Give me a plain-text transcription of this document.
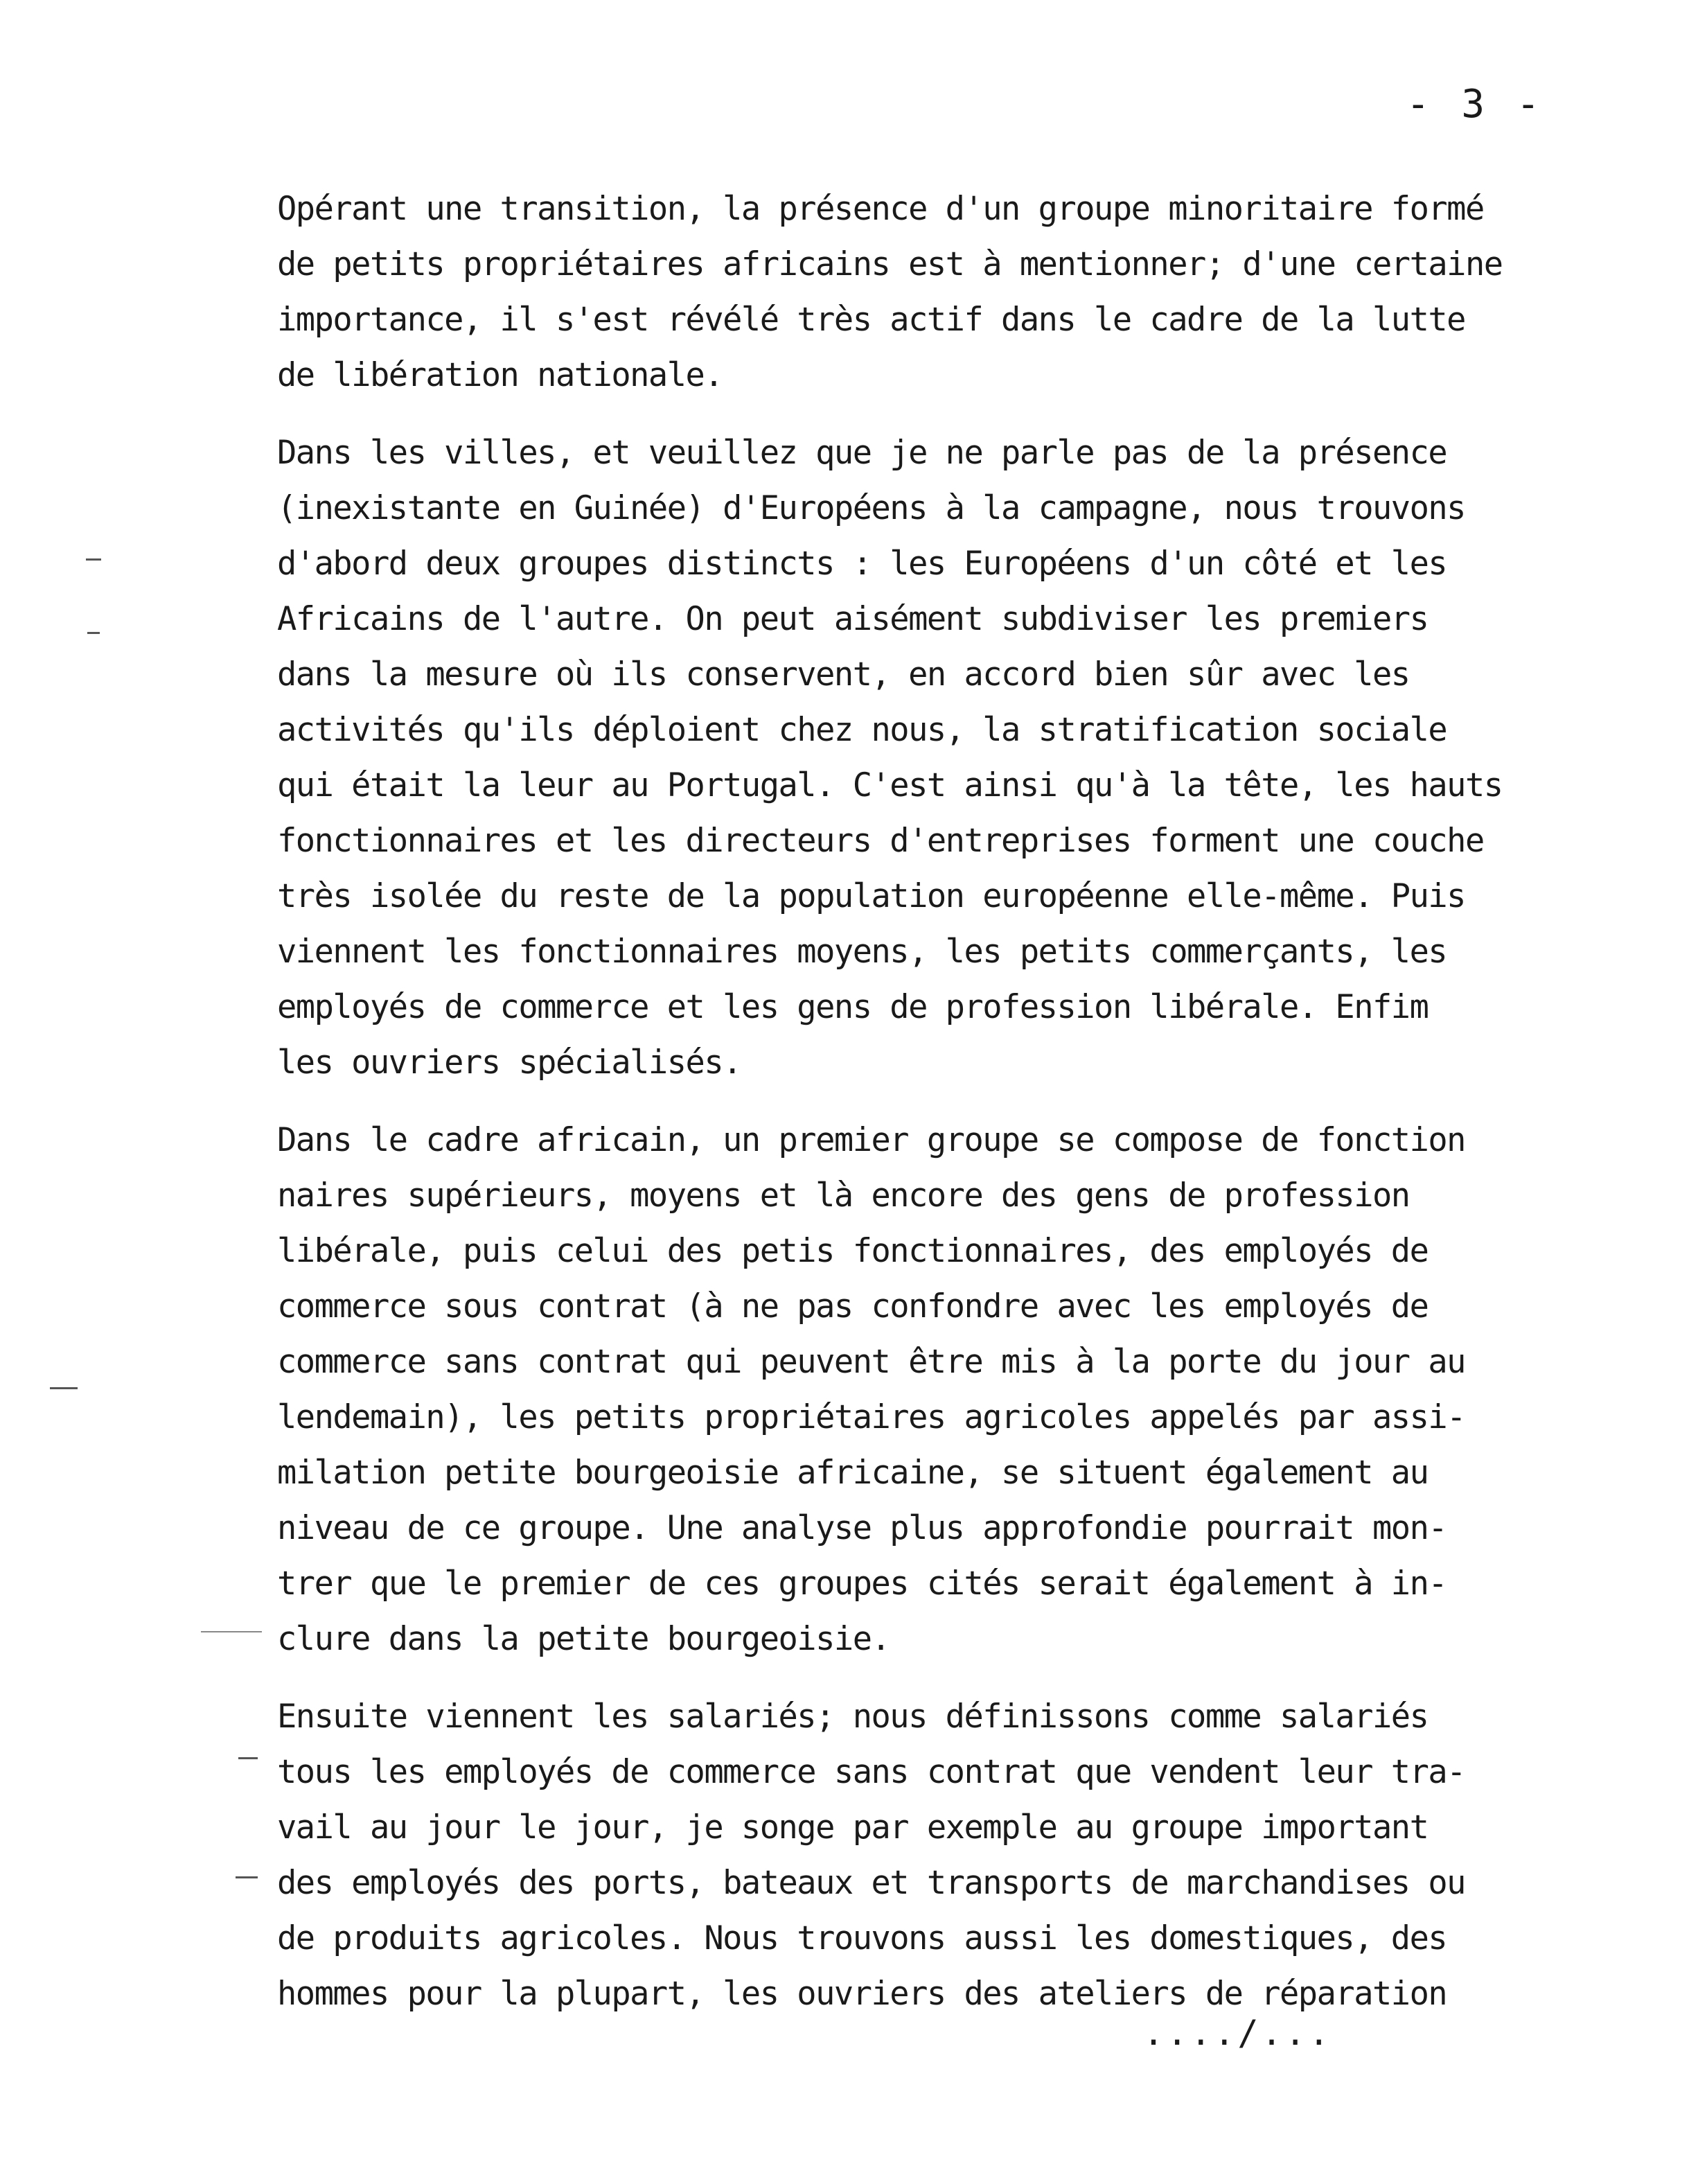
- 3 -
Opérant une transition, la présence d'un groupe minoritaire formé
de petits propriétaires africains est à mentionner; d'une certaine
importance, il s'est révélé très actif dans le cadre de la lutte
de libération nationale.
Dans les villes, et veuillez que je ne parle pas de la présence
(inexistante en Guinée) d'Européens à la campagne, nous trouvons
d'abord deux groupes distincts : les Européens d'un côté et les
Africains de l'autre. On peut aisément subdiviser les premiers
dans la mesure où ils conservent, en accord bien sûr avec les
activités qu'ils déploient chez nous, la stratification sociale
qui était la leur au Portugal. C'est ainsi qu'à la tête, les hauts
fonctionnaires et les directeurs d'entreprises forment une couche
très isolée du reste de la population européenne elle-même. Puis
viennent les fonctionnaires moyens, les petits commerçants, les
employés de commerce et les gens de profession libérale. Enfim
les ouvriers spécialisés.
Dans le cadre africain, un premier groupe se compose de fonction
naires supérieurs, moyens et là encore des gens de profession
libérale, puis celui des petis fonctionnaires, des employés de
commerce sous contrat (à ne pas confondre avec les employés de
commerce sans contrat qui peuvent être mis à la porte du jour au
lendemain), les petits propriétaires agricoles appelés par assi-
milation petite bourgeoisie africaine, se situent également au
niveau de ce groupe. Une analyse plus approfondie pourrait mon-
trer que le premier de ces groupes cités serait également à in-
clure dans la petite bourgeoisie.
Ensuite viennent les salariés; nous définissons comme salariés
tous les employés de commerce sans contrat que vendent leur tra-
vail au jour le jour, je songe par exemple au groupe important
des employés des ports, bateaux et transports de marchandises ou
de produits agricoles. Nous trouvons aussi les domestiques, des
hommes pour la plupart, les ouvriers des ateliers de réparation
..../...
